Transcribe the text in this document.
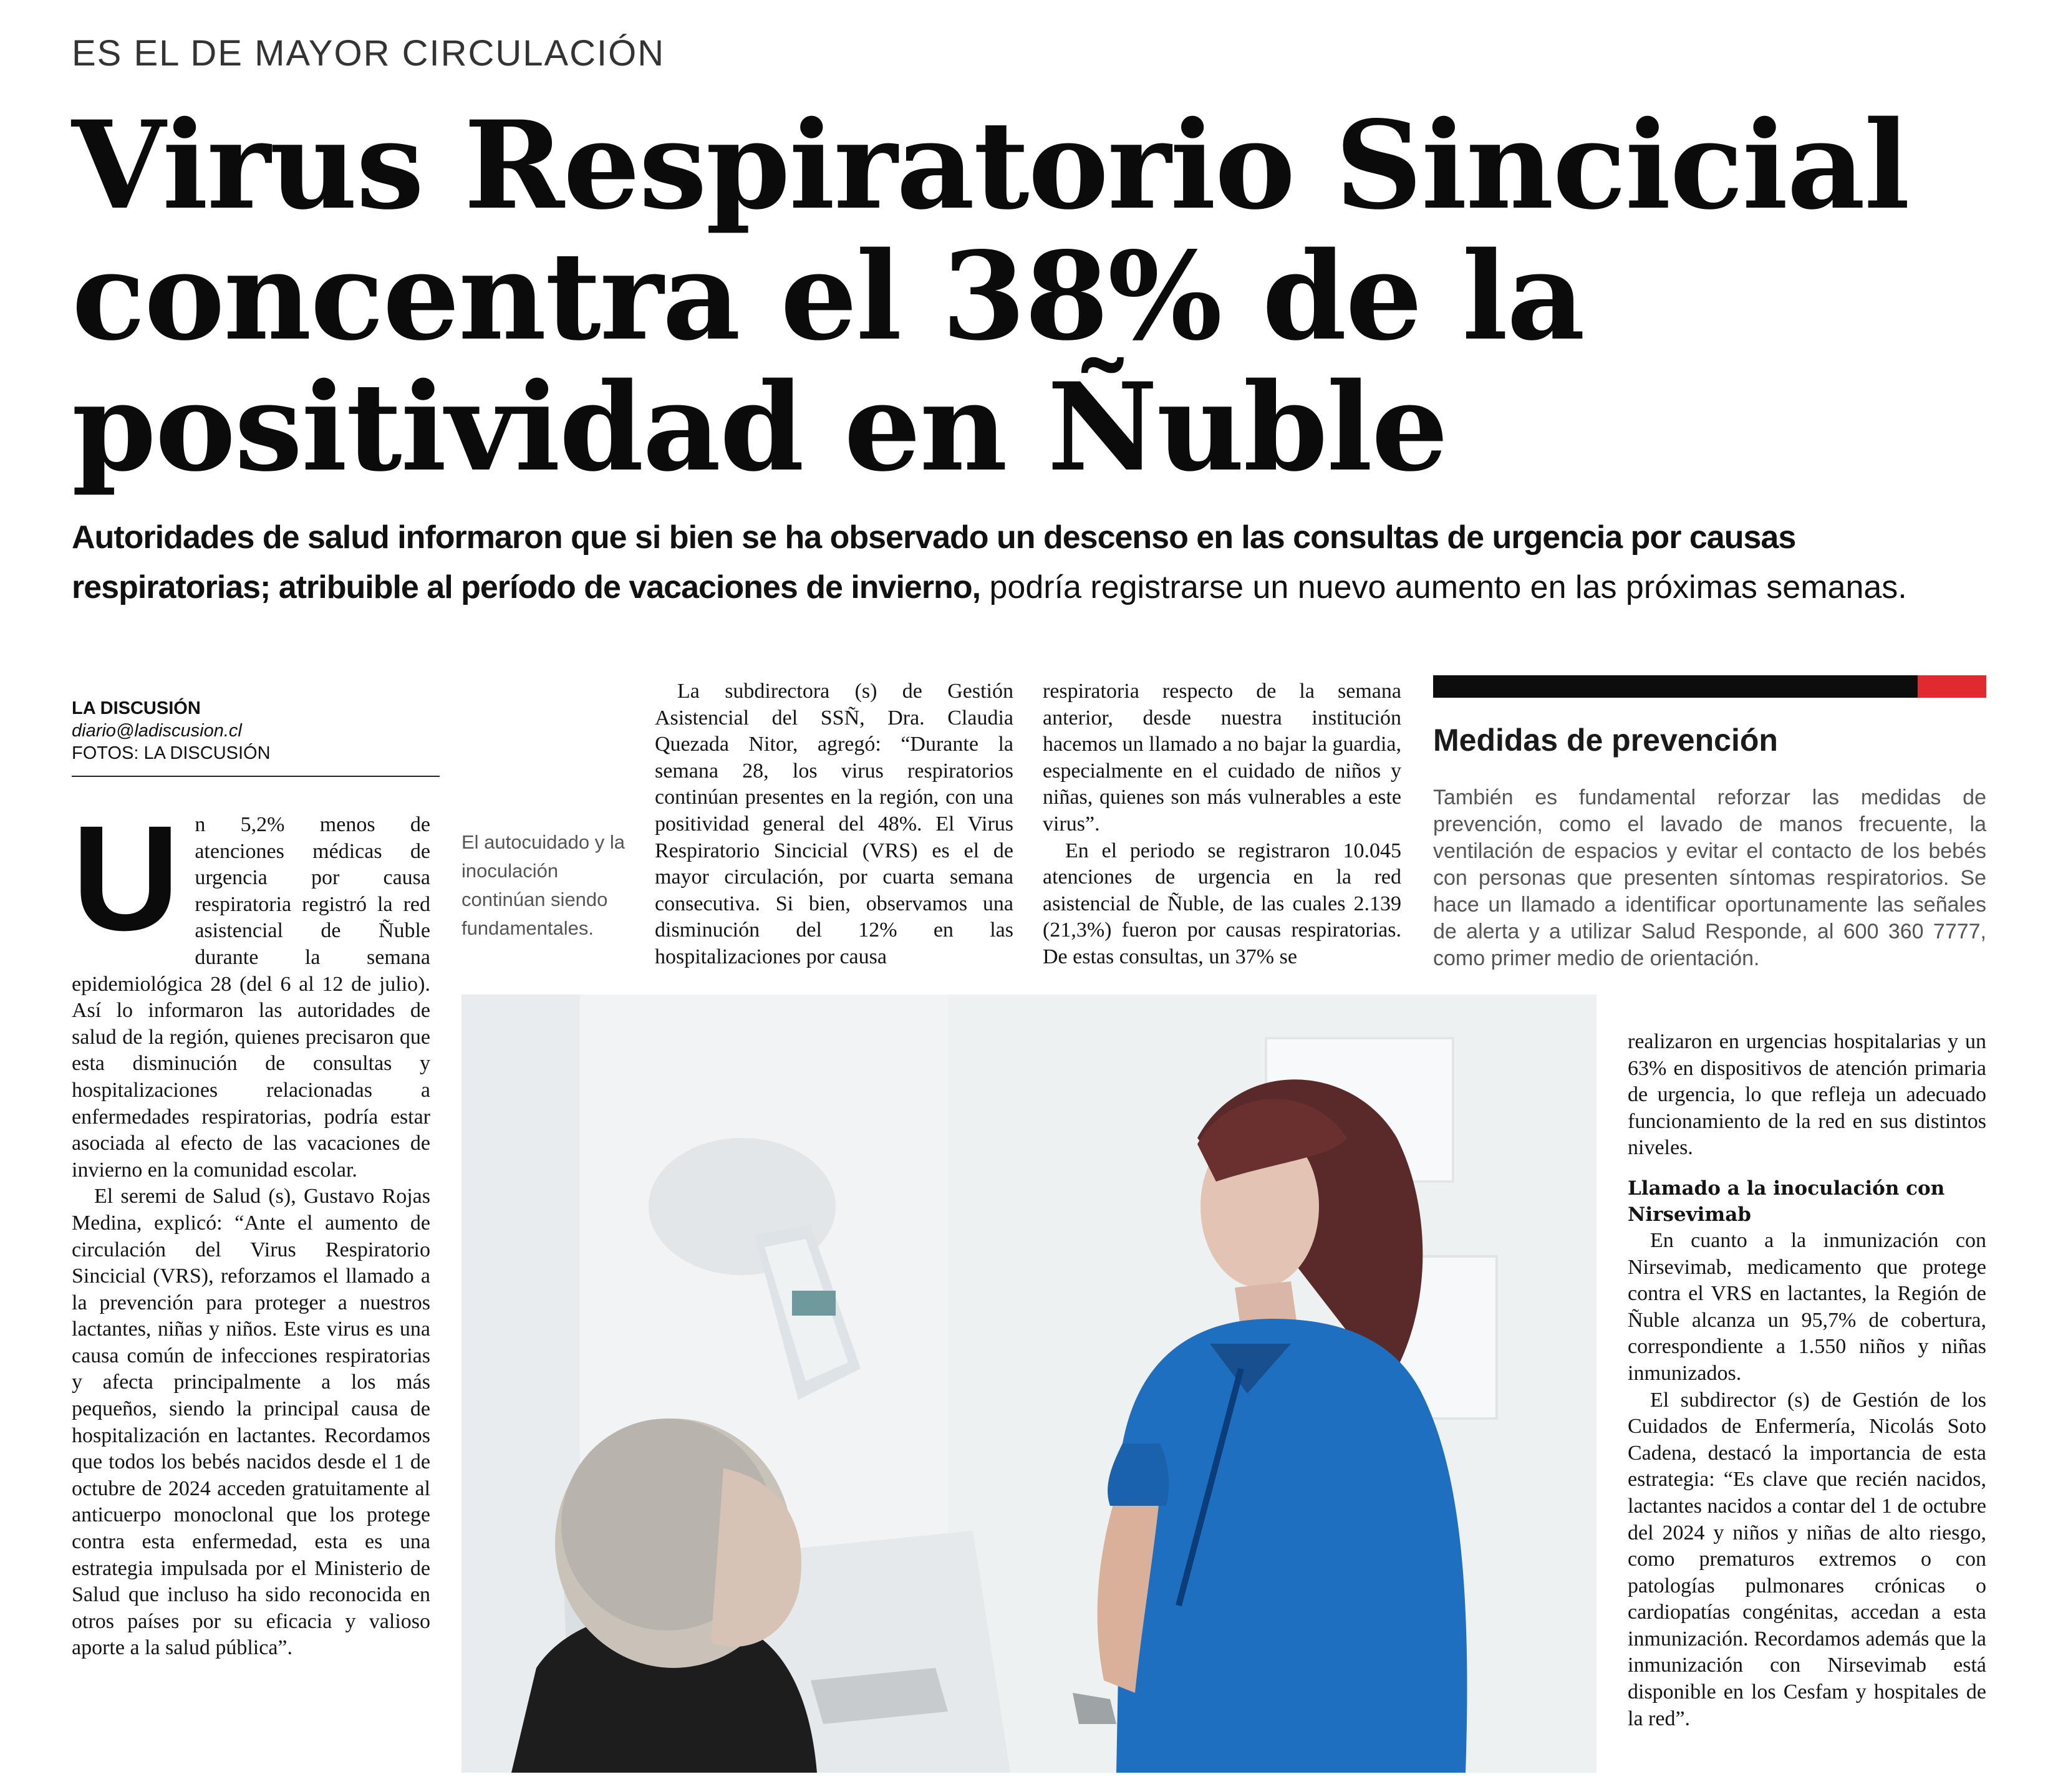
ES EL DE MAYOR CIRCULACIÓN
Virus Respiratorio Sincicial
concentra el 38% de la
positividad en Ñuble
Autoridades de salud informaron que si bien se ha observado un descenso en las consultas de urgencia por causas respiratorias; atribuible al período de vacaciones de invierno, podría registrarse un nuevo aumento en las próximas semanas.
LA DISCUSIÓN
diario@ladiscusion.cl
FOTOS: LA DISCUSIÓN

Un 5,2% menos de atenciones médicas de urgencia por causa respiratoria registró la red asistencial de Ñuble durante la semana epidemiológica 28 (del 6 al 12 de julio). Así lo informaron las autoridades de salud de la región, quienes precisaron que esta disminución de consultas y hospitalizaciones relacionadas a enfermedades respiratorias, podría estar asociada al efecto de las vacaciones de invierno en la comunidad escolar.

El seremi de Salud (s), Gustavo Rojas Medina, explicó: “Ante el aumento de circulación del Virus Respiratorio Sincicial (VRS), reforzamos el llamado a la prevención para proteger a nuestros lactantes, niñas y niños. Este virus es una causa común de infecciones respiratorias y afecta principalmente a los más pequeños, siendo la principal causa de hospitalización en lactantes. Recordamos que todos los bebés nacidos desde el 1 de octubre de 2024 acceden gratuitamente al anticuerpo monoclonal que los protege contra esta enfermedad, esta es una estrategia impulsada por el Ministerio de Salud que incluso ha sido reconocida en otros países por su eficacia y valioso aporte a la salud pública”.

El autocuidado y la inoculación continúan siendo fundamentales.

La subdirectora (s) de Gestión Asistencial del SSÑ, Dra. Claudia Quezada Nitor, agregó: “Durante la semana 28, los virus respiratorios continúan presentes en la región, con una positividad general del 48%. El Virus Respiratorio Sincicial (VRS) es el de mayor circulación, por cuarta semana consecutiva. Si bien, observamos una disminución del 12% en las hospitalizaciones por causa

respiratoria respecto de la semana anterior, desde nuestra institución hacemos un llamado a no bajar la guardia, especialmente en el cuidado de niños y niñas, quienes son más vulnerables a este virus”.

En el periodo se registraron 10.045 atenciones de urgencia en la red asistencial de Ñuble, de las cuales 2.139 (21,3%) fueron por causas respiratorias. De estas consultas, un 37% se

Medidas de prevención
También es fundamental reforzar las medidas de prevención, como el lavado de manos frecuente, la ventilación de espacios y evitar el contacto de los bebés con personas que presenten síntomas respiratorios. Se hace un llamado a identificar oportunamente las señales de alerta y a utilizar Salud Responde, al 600 360 7777, como primer medio de orientación.

realizaron en urgencias hospitalarias y un 63% en dispositivos de atención primaria de urgencia, lo que refleja un adecuado funcionamiento de la red en sus distintos niveles.

Llamado a la inoculación con Nirsevimab

En cuanto a la inmunización con Nirsevimab, medicamento que protege contra el VRS en lactantes, la Región de Ñuble alcanza un 95,7% de cobertura, correspondiente a 1.550 niños y niñas inmunizados.

El subdirector (s) de Gestión de los Cuidados de Enfermería, Nicolás Soto Cadena, destacó la importancia de esta estrategia: “Es clave que recién nacidos, lactantes nacidos a contar del 1 de octubre del 2024 y niños y niñas de alto riesgo, como prematuros extremos o con patologías pulmonares crónicas o cardiopatías congénitas, accedan a esta inmunización. Recordamos además que la inmunización con Nirsevimab está disponible en los Cesfam y hospitales de la red”.
